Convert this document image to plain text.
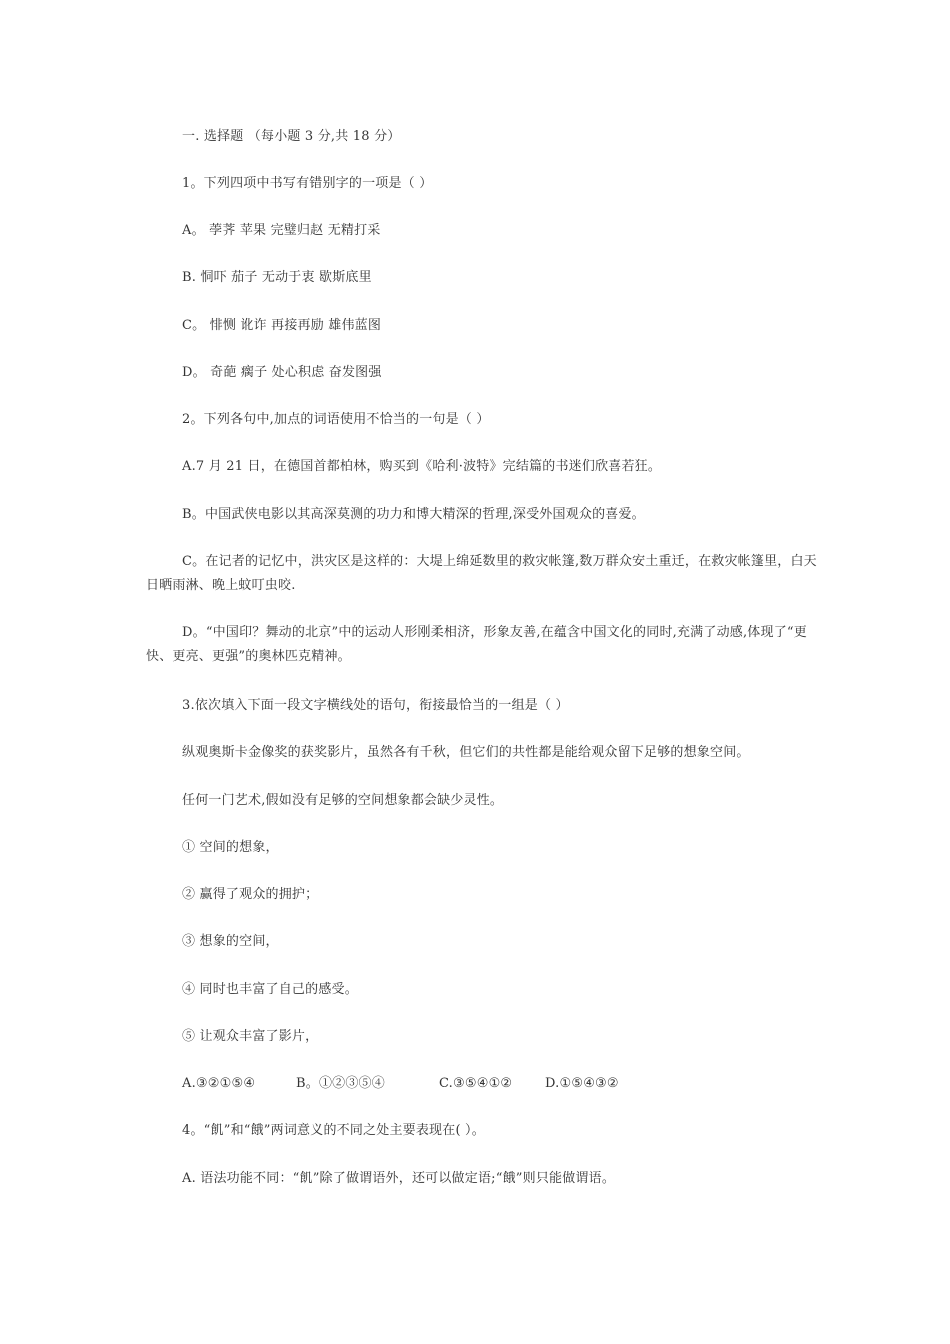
一. 选择题 （每小题 3 分,共 18 分）
1。下列四项中书写有错别字的一项是（ ）
A。 荸荠 苹果 完璧归赵 无精打采
B. 恫吓 茄子 无动于衷 歇斯底里
C。 悱恻 讹诈 再接再励 雄伟蓝图
D。 奇葩 瘸子 处心积虑 奋发图强
2。下列各句中,加点的词语使用不恰当的一句是（ ）
A.7 月 21 日，在德国首都柏林，购买到《哈利·波特》完结篇的书迷们欣喜若狂。
B。中国武侠电影以其高深莫测的功力和博大精深的哲理,深受外国观众的喜爱。
C。在记者的记忆中，洪灾区是这样的：大堤上绵延数里的救灾帐篷,数万群众安土重迁，在救灾帐篷里，白天日晒雨淋、晚上蚊叮虫咬.
D。“中国印？舞动的北京”中的运动人形刚柔相济，形象友善,在蕴含中国文化的同时,充满了动感,体现了“更快、更亮、更强”的奥林匹克精神。
3.依次填入下面一段文字横线处的语句，衔接最恰当的一组是（ ）
纵观奥斯卡金像奖的获奖影片，虽然各有千秋，但它们的共性都是能给观众留下足够的想象空间。
任何一门艺术,假如没有足够的空间想象都会缺少灵性。
① 空间的想象，
② 赢得了观众的拥护；
③ 想象的空间，
④ 同时也丰富了自己的感受。
⑤ 让观众丰富了影片，
A.③②①⑤④	B。①②③⑤④	C.③⑤④①②	D.①⑤④③②
4。“飢”和“餓”两词意义的不同之处主要表现在( ）。
A. 语法功能不同：“飢”除了做谓语外，还可以做定语;“餓”则只能做谓语。
